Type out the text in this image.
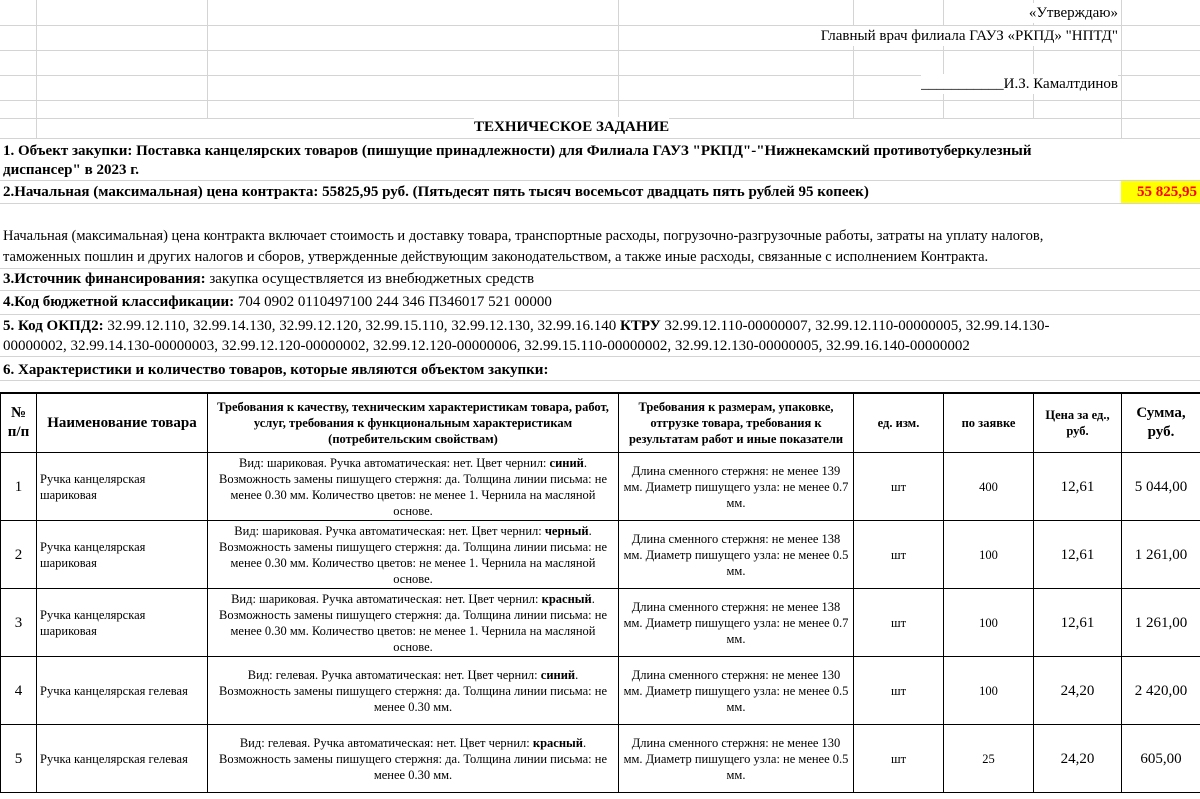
«Утверждаю»
Главный врач филиала ГАУЗ «РКПД» "НПТД"
___________И.З. Камалтдинов
ТЕХНИЧЕСКОЕ ЗАДАНИЕ
1. Объект закупки: Поставка канцелярских товаров (пишущие принадлежности) для Филиала ГАУЗ "РКПД"-"Нижнекамский противотуберкулезный
диспансер" в 2023 г.
2.Начальная (максимальная) цена контракта: 55825,95 руб. (Пятьдесят пять тысяч восемьсот двадцать пять рублей 95 копеек)	55 825,95
Начальная (максимальная) цена контракта включает стоимость и доставку товара, транспортные расходы, погрузочно-разгрузочные работы, затраты на уплату налогов,
таможенных пошлин и других налогов и сборов, утвержденные действующим законодательством, а также иные расходы, связанные с исполнением Контракта.
3.Источник финансирования: закупка осуществляется из внебюджетных средств
4.Код бюджетной классификации: 704 0902 0110497100 244 346 П346017 521 00000
5. Код ОКПД2: 32.99.12.110, 32.99.14.130, 32.99.12.120, 32.99.15.110, 32.99.12.130, 32.99.16.140 КТРУ 32.99.12.110-00000007, 32.99.12.110-00000005, 32.99.14.130-
00000002, 32.99.14.130-00000003, 32.99.12.120-00000002, 32.99.12.120-00000006, 32.99.15.110-00000002, 32.99.12.130-00000005, 32.99.16.140-00000002
6. Характеристики и количество товаров, которые являются объектом закупки:
№ п/п	Наименование товара	Требования к качеству, техническим характеристикам товара, работ, услуг, требования к функциональным характеристикам (потребительским свойствам)	Требования к размерам, упаковке, отгрузке товара, требования к результатам работ и иные показатели	ед. изм.	по заявке	Цена за ед., руб.	Сумма, руб.
1	Ручка канцелярская шариковая	Вид: шариковая. Ручка автоматическая: нет. Цвет чернил: синий. Возможность замены пишущего стержня: да. Толщина линии письма: не менее 0.30 мм. Количество цветов: не менее 1. Чернила на масляной основе.	Длина сменного стержня: не менее 139 мм. Диаметр пишущего узла: не менее 0.7 мм.	шт	400	12,61	5 044,00
2	Ручка канцелярская шариковая	Вид: шариковая. Ручка автоматическая: нет. Цвет чернил: черный. Возможность замены пишущего стержня: да. Толщина линии письма: не менее 0.30 мм. Количество цветов: не менее 1. Чернила на масляной основе.	Длина сменного стержня: не менее 138 мм. Диаметр пишущего узла: не менее 0.5 мм.	шт	100	12,61	1 261,00
3	Ручка канцелярская шариковая	Вид: шариковая. Ручка автоматическая: нет. Цвет чернил: красный. Возможность замены пишущего стержня: да. Толщина линии письма: не менее 0.30 мм. Количество цветов: не менее 1. Чернила на масляной основе.	Длина сменного стержня: не менее 138 мм. Диаметр пишущего узла: не менее 0.7 мм.	шт	100	12,61	1 261,00
4	Ручка канцелярская гелевая	Вид: гелевая. Ручка автоматическая: нет. Цвет чернил: синий. Возможность замены пишущего стержня: да. Толщина линии письма: не менее 0.30 мм.	Длина сменного стержня: не менее 130 мм. Диаметр пишущего узла: не менее 0.5 мм.	шт	100	24,20	2 420,00
5	Ручка канцелярская гелевая	Вид: гелевая. Ручка автоматическая: нет. Цвет чернил: красный. Возможность замены пишущего стержня: да. Толщина линии письма: не менее 0.30 мм.	Длина сменного стержня: не менее 130 мм. Диаметр пишущего узла: не менее 0.5 мм.	шт	25	24,20	605,00
